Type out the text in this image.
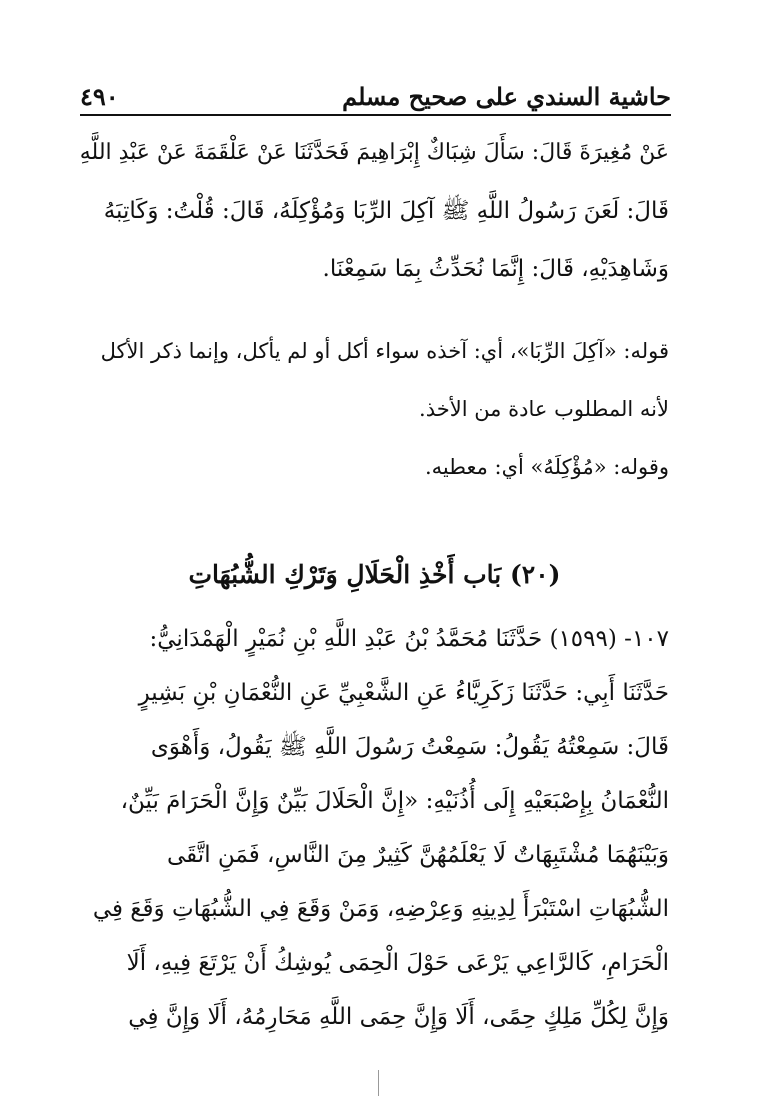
حاشية السندي على صحيح مسلم
٤٩٠
عَنْ مُغِيرَةَ قَالَ: سَأَلَ شِبَاكٌ إِبْرَاهِيمَ فَحَدَّثَنَا عَنْ عَلْقَمَةَ عَنْ عَبْدِ اللَّهِ
قَالَ: لَعَنَ رَسُولُ اللَّهِ ﷺ آكِلَ الرِّبَا وَمُؤْكِلَهُ، قَالَ: قُلْتُ: وَكَاتِبَهُ
وَشَاهِدَيْهِ، قَالَ: إِنَّمَا نُحَدِّثُ بِمَا سَمِعْنَا.
قوله: «آكِلَ الرِّبَا»، أي: آخذه سواء أكل أو لم يأكل، وإنما ذكر الأكل
لأنه المطلوب عادة من الأخذ.
وقوله: «مُؤْكِلَهُ» أي: معطيه.
(٢٠) بَاب أَخْذِ الْحَلَالِ وَتَرْكِ الشُّبُهَاتِ
١٠٧- (١٥٩٩) حَدَّثَنَا مُحَمَّدُ بْنُ عَبْدِ اللَّهِ بْنِ نُمَيْرٍ الْهَمْدَانِيُّ:
حَدَّثَنَا أَبِي: حَدَّثَنَا زَكَرِيَّاءُ عَنِ الشَّعْبِيِّ عَنِ النُّعْمَانِ بْنِ بَشِيرٍ
قَالَ: سَمِعْتُهُ يَقُولُ: سَمِعْتُ رَسُولَ اللَّهِ ﷺ يَقُولُ، وَأَهْوَى
النُّعْمَانُ بِإِصْبَعَيْهِ إِلَى أُذُنَيْهِ: «إِنَّ الْحَلَالَ بَيِّنٌ وَإِنَّ الْحَرَامَ بَيِّنٌ،
وَبَيْنَهُمَا مُشْتَبِهَاتٌ لَا يَعْلَمُهُنَّ كَثِيرٌ مِنَ النَّاسِ، فَمَنِ اتَّقَى
الشُّبُهَاتِ اسْتَبْرَأَ لِدِينِهِ وَعِرْضِهِ، وَمَنْ وَقَعَ فِي الشُّبُهَاتِ وَقَعَ فِي
الْحَرَامِ، كَالرَّاعِي يَرْعَى حَوْلَ الْحِمَى يُوشِكُ أَنْ يَرْتَعَ فِيهِ، أَلَا
وَإِنَّ لِكُلِّ مَلِكٍ حِمًى، أَلَا وَإِنَّ حِمَى اللَّهِ مَحَارِمُهُ، أَلَا وَإِنَّ فِي
